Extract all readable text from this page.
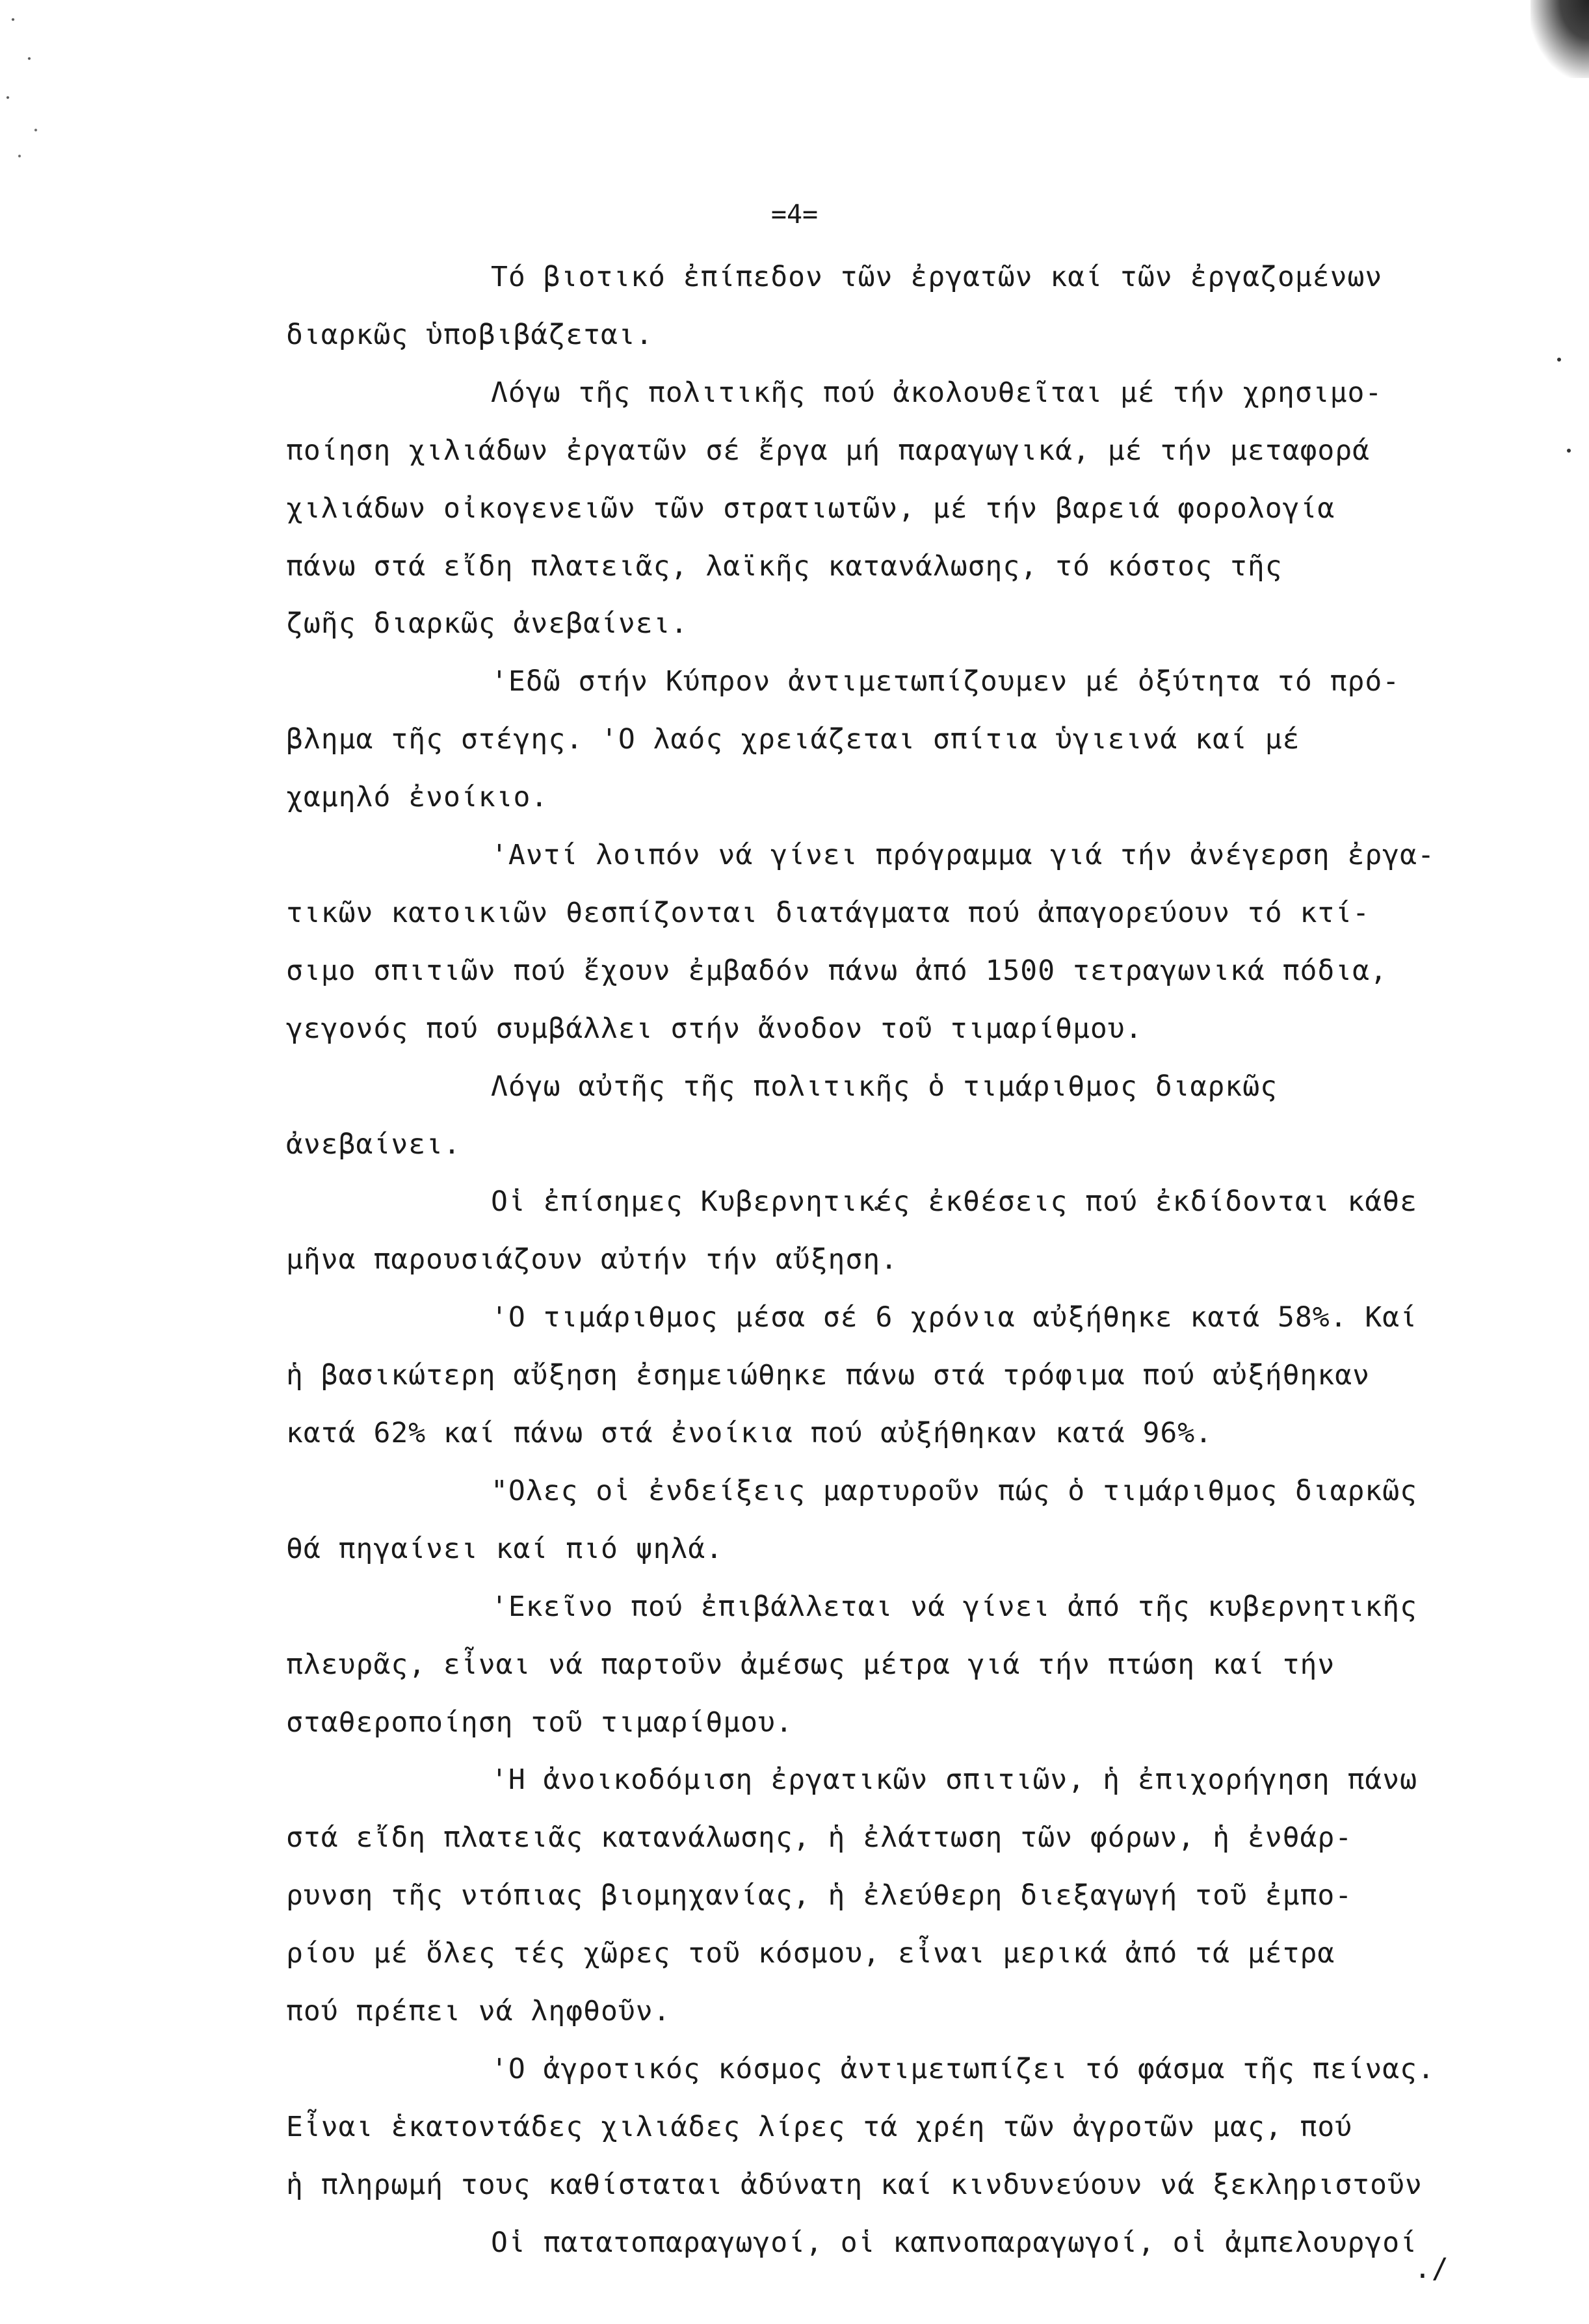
=4=
Τό βιοτικό ἐπίπεδον τῶν ἐργατῶν καί τῶν ἐργαζομένων
διαρκῶς ὑποβιβάζεται.
Λόγω τῆς πολιτικῆς πού ἀκολουθεῖται μέ τήν χρησιμο-
ποίηση χιλιάδων ἐργατῶν σέ ἔργα μή παραγωγικά, μέ τήν μεταφορά
χιλιάδων οἰκογενειῶν τῶν στρατιωτῶν, μέ τήν βαρειά φορολογία
πάνω στά εἴδη πλατειᾶς, λαϊκῆς κατανάλωσης, τό κόστος τῆς
ζωῆς διαρκῶς ἀνεβαίνει.
'Εδῶ στήν Κύπρον ἀντιμετωπίζουμεν μέ ὀξύτητα τό πρό-
βλημα τῆς στέγης. 'Ο λαός χρειάζεται σπίτια ὑγιεινά καί μέ
χαμηλό ἐνοίκιο.
'Αντί λοιπόν νά γίνει πρόγραμμα γιά τήν ἀνέγερση ἐργα-
τικῶν κατοικιῶν θεσπίζονται διατάγματα πού ἀπαγορεύουν τό κτί-
σιμο σπιτιῶν πού ἔχουν ἐμβαδόν πάνω ἀπό 1500 τετραγωνικά πόδια,
γεγονός πού συμβάλλει στήν ἄνοδον τοῦ τιμαρίθμου.
Λόγω αὐτῆς τῆς πολιτικῆς ὁ τιμάριθμος διαρκῶς
ἀνεβαίνει.
Οἱ ἐπίσημες Κυβερνητικές ἐκθέσεις πού ἐκδίδονται κάθε
μῆνα παρουσιάζουν αὐτήν τήν αὔξηση.
'Ο τιμάριθμος μέσα σέ 6 χρόνια αὐξήθηκε κατά 58%. Καί
ἡ βασικώτερη αὔξηση ἐσημειώθηκε πάνω στά τρόφιμα πού αὐξήθηκαν
κατά 62% καί πάνω στά ἐνοίκια πού αὐξήθηκαν κατά 96%.
"Ολες οἱ ἐνδείξεις μαρτυροῦν πώς ὁ τιμάριθμος διαρκῶς
θά πηγαίνει καί πιό ψηλά.
'Εκεῖνο πού ἐπιβάλλεται νά γίνει ἀπό τῆς κυβερνητικῆς
πλευρᾶς, εἶναι νά παρτοῦν ἀμέσως μέτρα γιά τήν πτώση καί τήν
σταθεροποίηση τοῦ τιμαρίθμου.
'Η ἀνοικοδόμιση ἐργατικῶν σπιτιῶν, ἡ ἐπιχορήγηση πάνω
στά εἴδη πλατειᾶς κατανάλωσης, ἡ ἐλάττωση τῶν φόρων, ἡ ἐνθάρ-
ρυνση τῆς ντόπιας βιομηχανίας, ἡ ἐλεύθερη διεξαγωγή τοῦ ἐμπο-
ρίου μέ ὅλες τές χῶρες τοῦ κόσμου, εἶναι μερικά ἀπό τά μέτρα
πού πρέπει νά ληφθοῦν.
'Ο ἀγροτικός κόσμος ἀντιμετωπίζει τό φάσμα τῆς πείνας.
Εἶναι ἑκατοντάδες χιλιάδες λίρες τά χρέη τῶν ἀγροτῶν μας, πού
ἡ πληρωμή τους καθίσταται ἀδύνατη καί κινδυνεύουν νά ξεκληριστοῦν
Οἱ πατατοπαραγωγοί, οἱ καπνοπαραγωγοί, οἱ ἀμπελουργοί
./
